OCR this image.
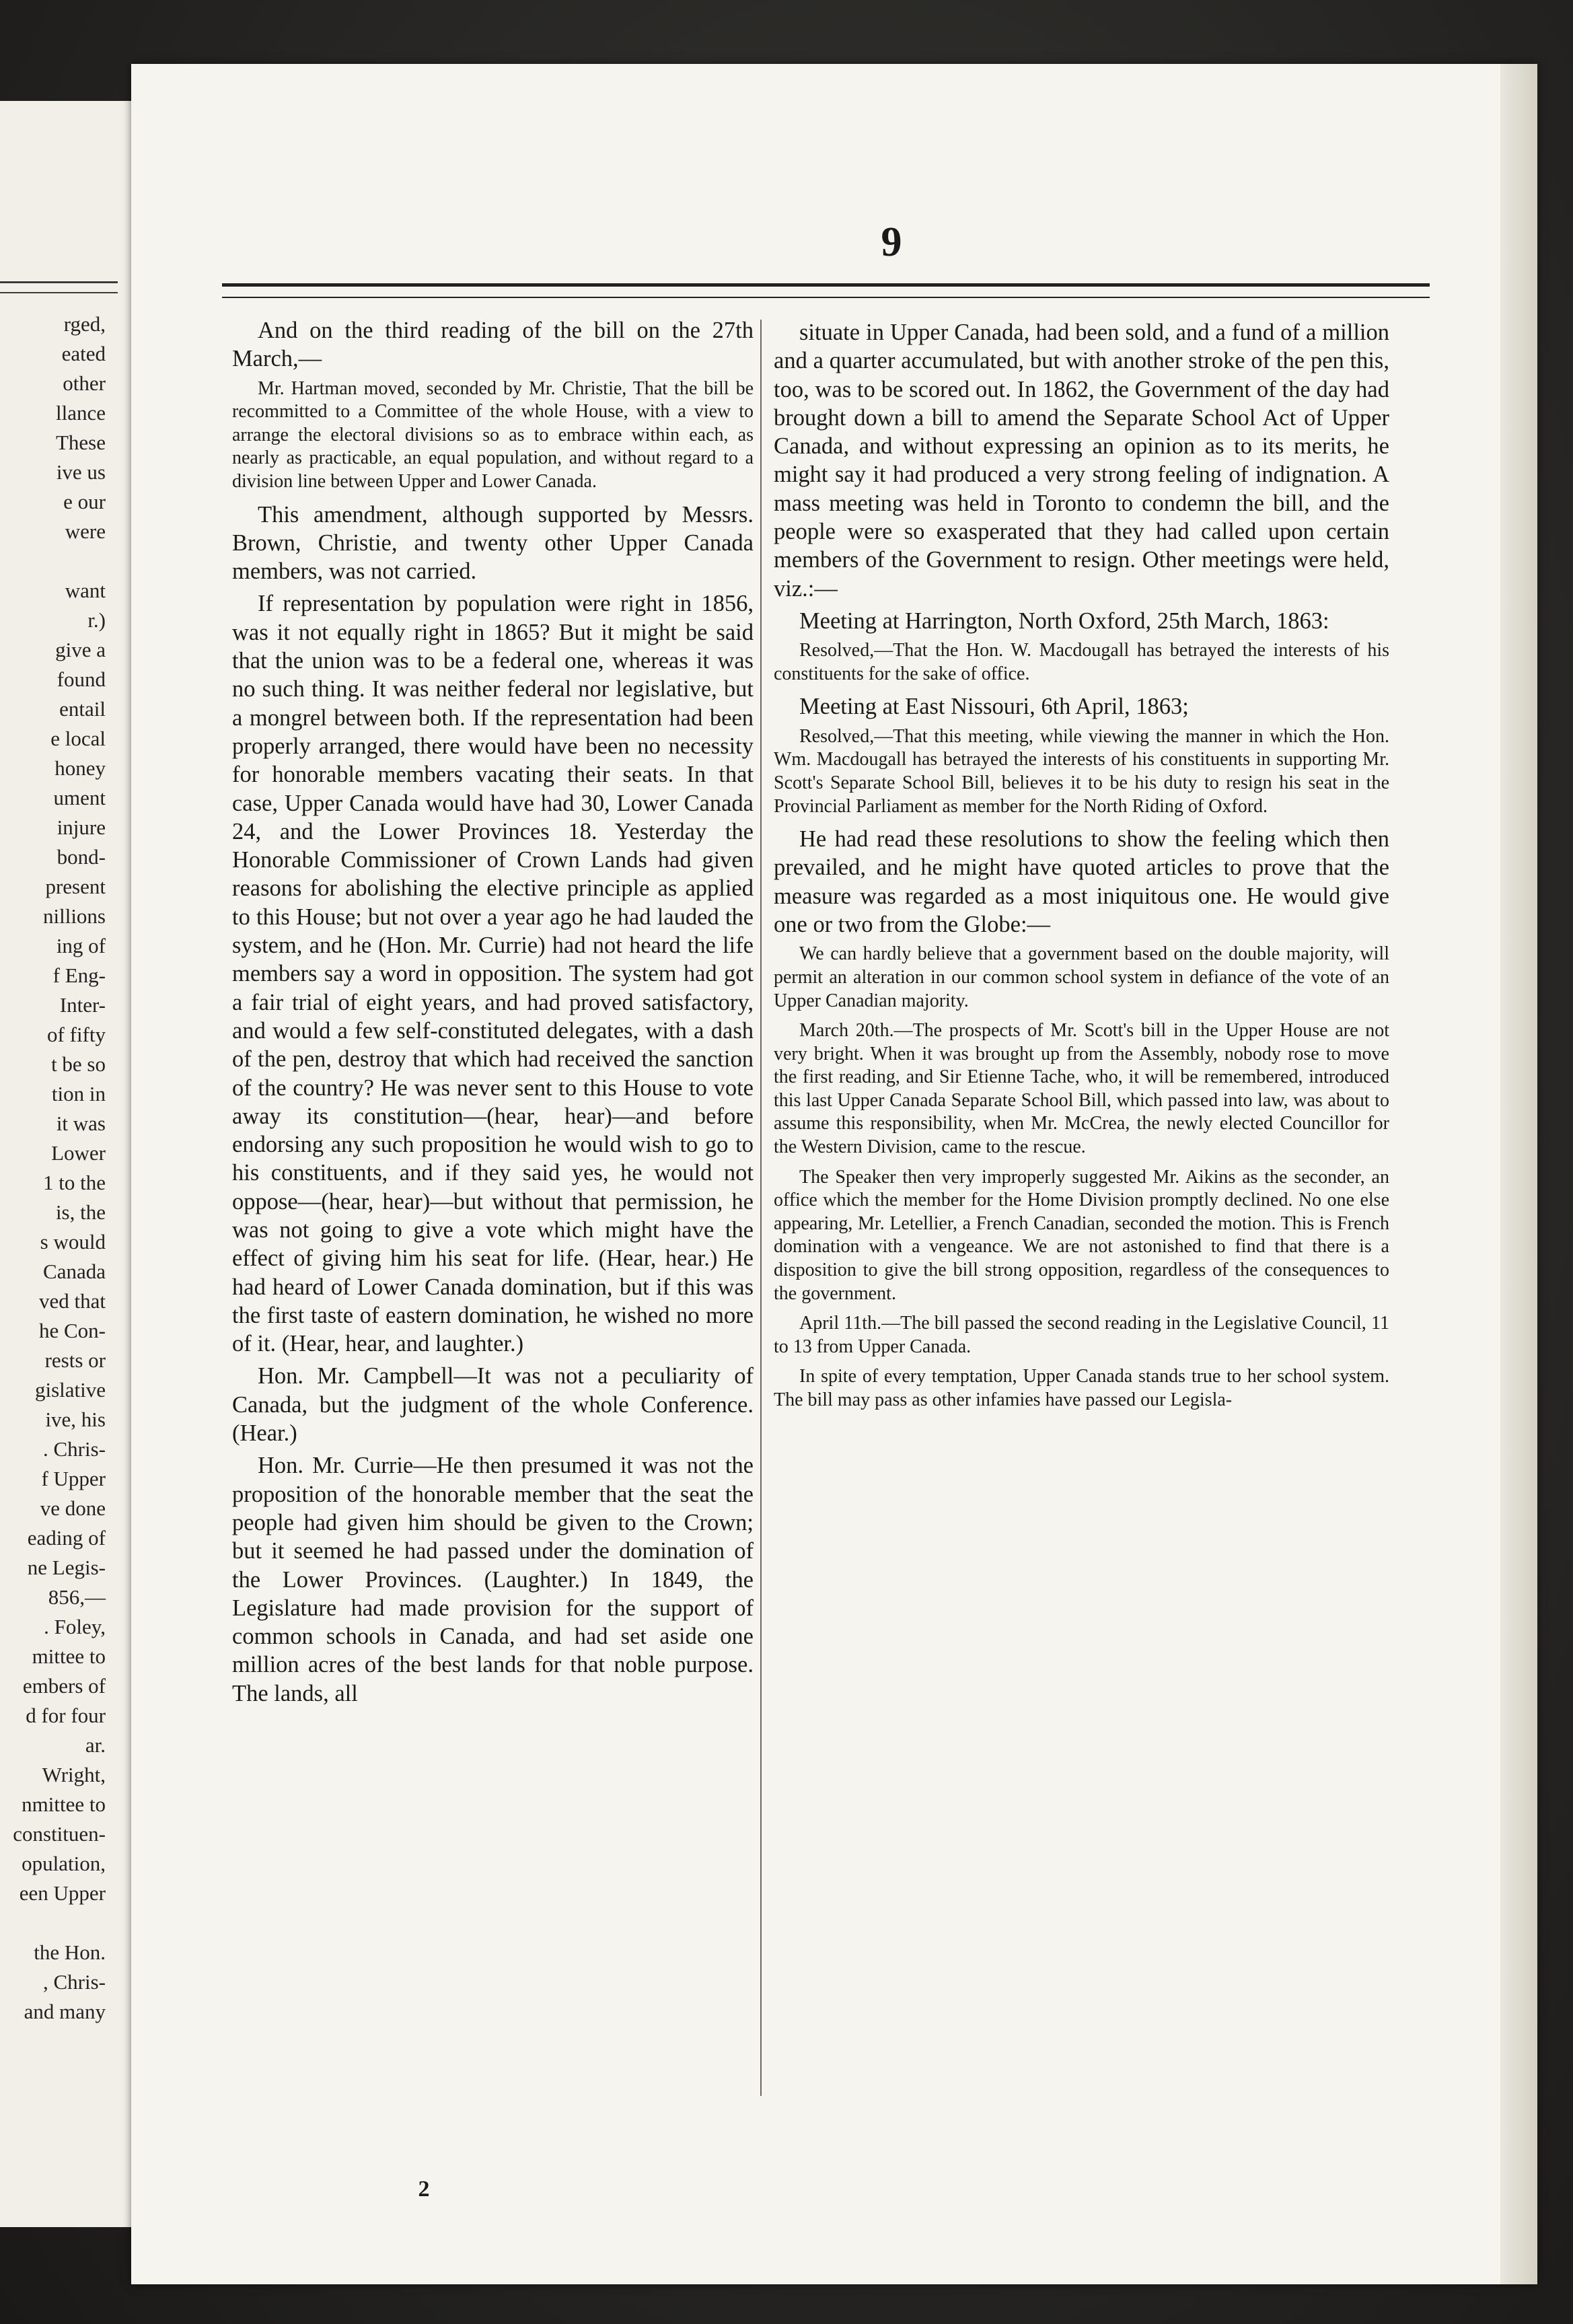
rged,
eated
other
llance
These
ive us
e our
were
want
r.)
give a
found
entail
e local
honey
ument
injure
bond-
present
nillions
ing of
f Eng-
Inter-
of fifty
t be so
tion in
it was
Lower
1 to the
is, the
s would
Canada
ved that
he Con-
rests or
gislative
ive, his
. Chris-
f Upper
ve done
eading of
ne Legis-
856,—
. Foley,
mittee to
embers of
d for four
ar.
Wright,
nmittee to
constituen-
opulation,
een Upper
the Hon.
, Chris-
and many
9

And on the third reading of the bill on the 27th March,—

Mr. Hartman moved, seconded by Mr. Christie, That the bill be recommitted to a Committee of the whole House, with a view to arrange the electoral divisions so as to embrace within each, as nearly as practicable, an equal population, and without regard to a division line between Upper and Lower Canada.

This amendment, although supported by Messrs. Brown, Christie, and twenty other Upper Canada members, was not carried.

If representation by population were right in 1856, was it not equally right in 1865? But it might be said that the union was to be a federal one, whereas it was no such thing. It was neither federal nor legislative, but a mongrel between both. If the representation had been properly arranged, there would have been no necessity for honorable members vacating their seats. In that case, Upper Canada would have had 30, Lower Canada 24, and the Lower Provinces 18. Yesterday the Honorable Commissioner of Crown Lands had given reasons for abolishing the elective principle as applied to this House; but not over a year ago he had lauded the system, and he (Hon. Mr. Currie) had not heard the life members say a word in opposition. The system had got a fair trial of eight years, and had proved satisfactory, and would a few self-constituted delegates, with a dash of the pen, destroy that which had received the sanction of the country? He was never sent to this House to vote away its constitution—(hear, hear)—and before endorsing any such proposition he would wish to go to his constituents, and if they said yes, he would not oppose—(hear, hear)—but without that permission, he was not going to give a vote which might have the effect of giving him his seat for life. (Hear, hear.) He had heard of Lower Canada domination, but if this was the first taste of eastern domination, he wished no more of it. (Hear, hear, and laughter.)

Hon. Mr. Campbell—It was not a peculiarity of Canada, but the judgment of the whole Conference. (Hear.)

Hon. Mr. Currie—He then presumed it was not the proposition of the honorable member that the seat the people had given him should be given to the Crown; but it seemed he had passed under the domination of the Lower Provinces. (Laughter.) In 1849, the Legislature had made provision for the support of common schools in Canada, and had set aside one million acres of the best lands for that noble purpose. The lands, all

situate in Upper Canada, had been sold, and a fund of a million and a quarter accumulated, but with another stroke of the pen this, too, was to be scored out. In 1862, the Government of the day had brought down a bill to amend the Separate School Act of Upper Canada, and without expressing an opinion as to its merits, he might say it had produced a very strong feeling of indignation. A mass meeting was held in Toronto to condemn the bill, and the people were so exasperated that they had called upon certain members of the Government to resign. Other meetings were held, viz.:—

Meeting at Harrington, North Oxford, 25th March, 1863:

Resolved,—That the Hon. W. Macdougall has betrayed the interests of his constituents for the sake of office.

Meeting at East Nissouri, 6th April, 1863;

Resolved,—That this meeting, while viewing the manner in which the Hon. Wm. Macdougall has betrayed the interests of his constituents in supporting Mr. Scott's Separate School Bill, believes it to be his duty to resign his seat in the Provincial Parliament as member for the North Riding of Oxford.

He had read these resolutions to show the feeling which then prevailed, and he might have quoted articles to prove that the measure was regarded as a most iniquitous one. He would give one or two from the Globe:—

We can hardly believe that a government based on the double majority, will permit an alteration in our common school system in defiance of the vote of an Upper Canadian majority.

March 20th.—The prospects of Mr. Scott's bill in the Upper House are not very bright. When it was brought up from the Assembly, nobody rose to move the first reading, and Sir Etienne Tache, who, it will be remembered, introduced this last Upper Canada Separate School Bill, which passed into law, was about to assume this responsibility, when Mr. McCrea, the newly elected Councillor for the Western Division, came to the rescue.

The Speaker then very improperly suggested Mr. Aikins as the seconder, an office which the member for the Home Division promptly declined. No one else appearing, Mr. Letellier, a French Canadian, seconded the motion. This is French domination with a vengeance. We are not astonished to find that there is a disposition to give the bill strong opposition, regardless of the consequences to the government.

April 11th.—The bill passed the second reading in the Legislative Council, 11 to 13 from Upper Canada.

In spite of every temptation, Upper Canada stands true to her school system. The bill may pass as other infamies have passed our Legisla-

2
